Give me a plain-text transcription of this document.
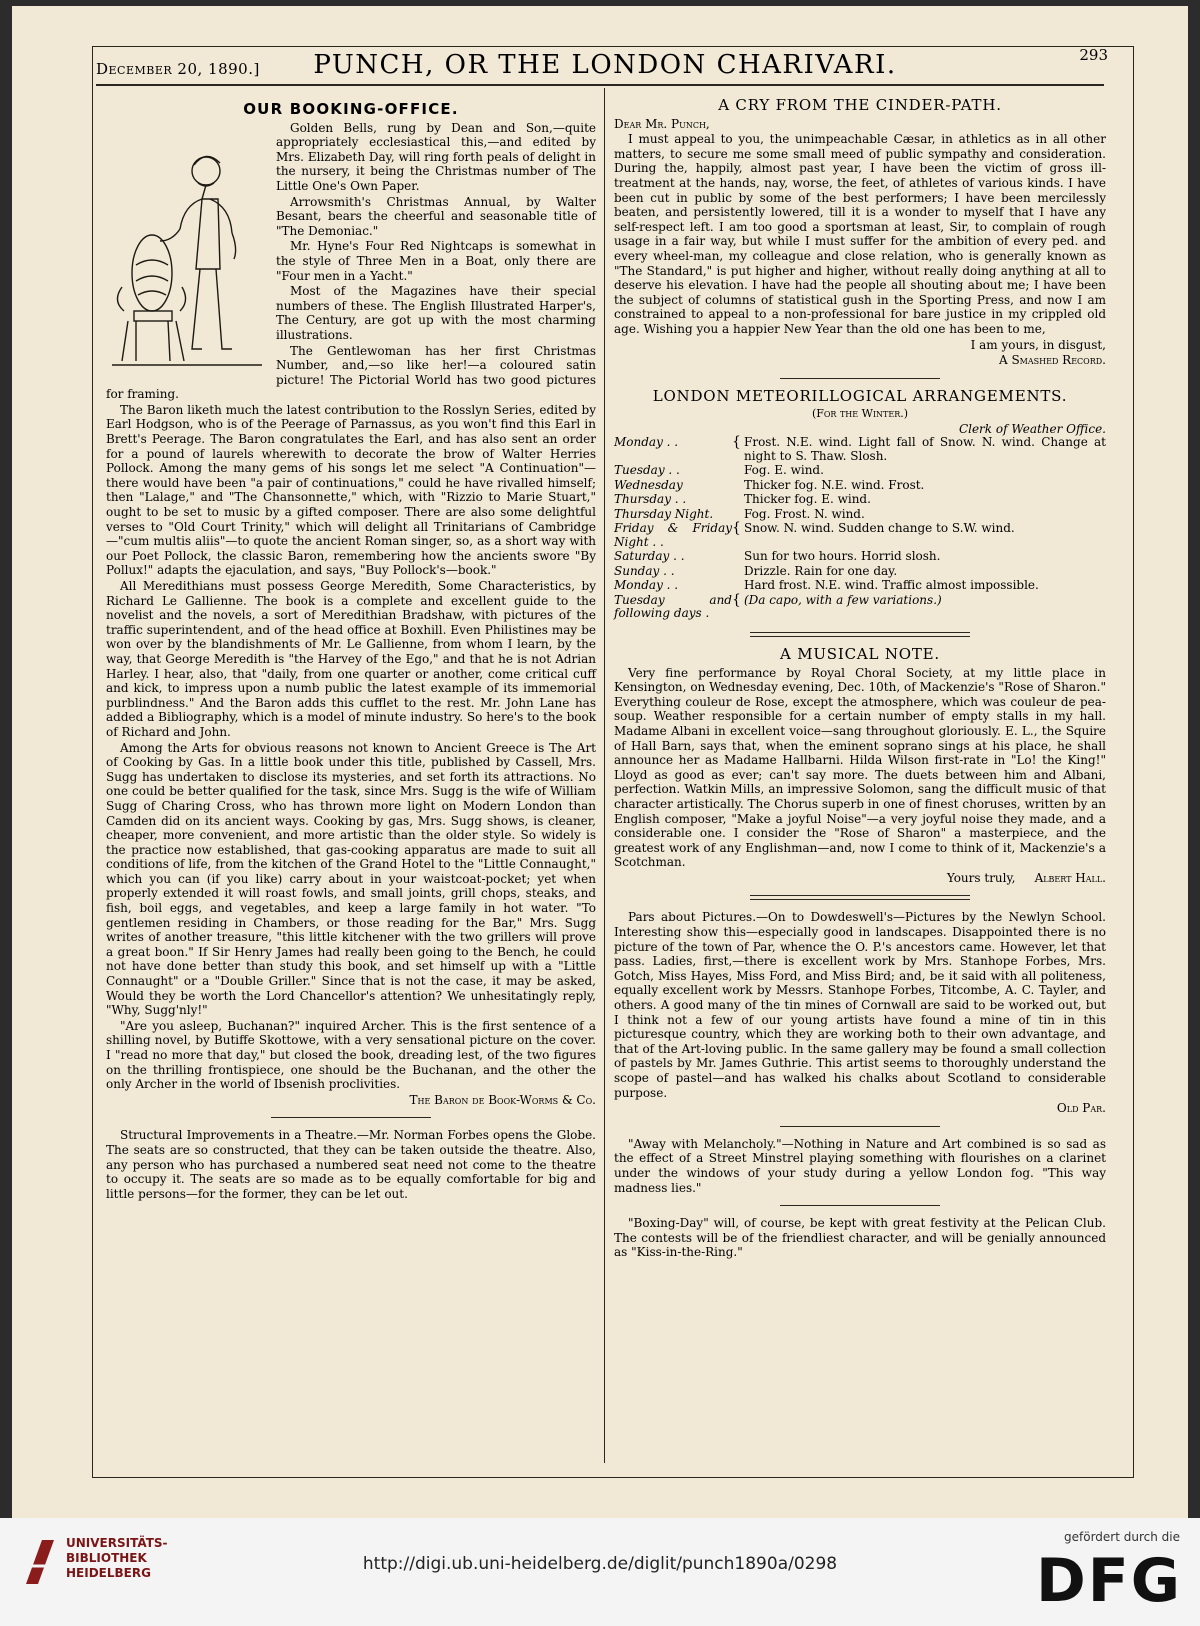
December 20, 1890.]	PUNCH, OR THE LONDON CHARIVARI.	293
OUR BOOKING-OFFICE.

Golden Bells, rung by Dean and Son,—quite appropriately ecclesiastical this,—and edited by Mrs. Elizabeth Day, will ring forth peals of delight in the nursery, it being the Christmas number of The Little One's Own Paper.

Arrowsmith's Christmas Annual, by Walter Besant, bears the cheerful and seasonable title of "The Demoniac."

Mr. Hyne's Four Red Nightcaps is somewhat in the style of Three Men in a Boat, only there are "Four men in a Yacht."

Most of the Magazines have their special numbers of these. The English Illustrated Harper's, The Century, are got up with the most charming illustrations.

The Gentlewoman has her first Christmas Number, and,—so like her!—a coloured satin picture! The Pictorial World has two good pictures for framing.

The Baron liketh much the latest contribution to the Rosslyn Series, edited by Earl Hodgson, who is of the Peerage of Parnassus, as you won't find this Earl in Brett's Peerage. The Baron congratulates the Earl, and has also sent an order for a pound of laurels wherewith to decorate the brow of Walter Herries Pollock. Among the many gems of his songs let me select "A Continuation"—there would have been "a pair of continuations," could he have rivalled himself; then "Lalage," and "The Chansonnette," which, with "Rizzio to Marie Stuart," ought to be set to music by a gifted composer. There are also some delightful verses to "Old Court Trinity," which will delight all Trinitarians of Cambridge—"cum multis aliis"—to quote the ancient Roman singer, so, as a short way with our Poet Pollock, the classic Baron, remembering how the ancients swore "By Pollux!" adapts the ejaculation, and says, "Buy Pollock's—book."

All Meredithians must possess George Meredith, Some Characteristics, by Richard Le Gallienne. The book is a complete and excellent guide to the novelist and the novels, a sort of Meredithian Bradshaw, with pictures of the traffic superintendent, and of the head office at Boxhill. Even Philistines may be won over by the blandishments of Mr. Le Gallienne, from whom I learn, by the way, that George Meredith is "the Harvey of the Ego," and that he is not Adrian Harley. I hear, also, that "daily, from one quarter or another, come critical cuff and kick, to impress upon a numb public the latest example of its immemorial purblindness." And the Baron adds this cufflet to the rest. Mr. John Lane has added a Bibliography, which is a model of minute industry. So here's to the book of Richard and John.

Among the Arts for obvious reasons not known to Ancient Greece is The Art of Cooking by Gas. In a little book under this title, published by Cassell, Mrs. Sugg has undertaken to disclose its mysteries, and set forth its attractions. No one could be better qualified for the task, since Mrs. Sugg is the wife of William Sugg of Charing Cross, who has thrown more light on Modern London than Camden did on its ancient ways. Cooking by gas, Mrs. Sugg shows, is cleaner, cheaper, more convenient, and more artistic than the older style. So widely is the practice now established, that gas-cooking apparatus are made to suit all conditions of life, from the kitchen of the Grand Hotel to the "Little Connaught," which you can (if you like) carry about in your waistcoat-pocket; yet when properly extended it will roast fowls, and small joints, grill chops, steaks, and fish, boil eggs, and vegetables, and keep a large family in hot water. "To gentlemen residing in Chambers, or those reading for the Bar," Mrs. Sugg writes of another treasure, "this little kitchener with the two grillers will prove a great boon." If Sir Henry James had really been going to the Bench, he could not have done better than study this book, and set himself up with a "Little Connaught" or a "Double Griller." Since that is not the case, it may be asked, Would they be worth the Lord Chancellor's attention? We unhesitatingly reply, "Why, Sugg'nly!"

"Are you asleep, Buchanan?" inquired Archer. This is the first sentence of a shilling novel, by Butiffe Skottowe, with a very sensational picture on the cover. I "read no more that day," but closed the book, dreading lest, of the two figures on the thrilling frontispiece, one should be the Buchanan, and the other the only Archer in the world of Ibsenish proclivities.

The Baron de Book-Worms & Co.

Structural Improvements in a Theatre.—Mr. Norman Forbes opens the Globe. The seats are so constructed, that they can be taken outside the theatre. Also, any person who has purchased a numbered seat need not come to the theatre to occupy it. The seats are so made as to be equally comfortable for big and little persons—for the former, they can be let out.

A CRY FROM THE CINDER-PATH.

Dear Mr. Punch,

I must appeal to you, the unimpeachable Cæsar, in athletics as in all other matters, to secure me some small meed of public sympathy and consideration. During the, happily, almost past year, I have been the victim of gross ill-treatment at the hands, nay, worse, the feet, of athletes of various kinds. I have been cut in public by some of the best performers; I have been mercilessly beaten, and persistently lowered, till it is a wonder to myself that I have any self-respect left. I am too good a sportsman at least, Sir, to complain of rough usage in a fair way, but while I must suffer for the ambition of every ped. and every wheel-man, my colleague and close relation, who is generally known as "The Standard," is put higher and higher, without really doing anything at all to deserve his elevation. I have had the people all shouting about me; I have been the subject of columns of statistical gush in the Sporting Press, and now I am constrained to appeal to a non-professional for bare justice in my crippled old age. Wishing you a happier New Year than the old one has been to me,

I am yours, in disgust,

A Smashed Record.

LONDON METEORILLOGICAL ARRANGEMENTS.
(For the Winter.)
Clerk of Weather Office.
Monday . .	{	Frost. N.E. wind. Light fall of Snow. N. wind. Change at night to S. Thaw. Slosh.
Tuesday . .		Fog. E. wind.
Wednesday		Thicker fog. N.E. wind. Frost.
Thursday . .		Thicker fog. E. wind.
Thursday Night.		Fog. Frost. N. wind.
Friday & Friday Night . .	{	Snow. N. wind. Sudden change to S.W. wind.
Saturday . .		Sun for two hours. Horrid slosh.
Sunday . .		Drizzle. Rain for one day.
Monday . .		Hard frost. N.E. wind. Traffic almost impossible.
Tuesday and following days .	{	(Da capo, with a few variations.)
A MUSICAL NOTE.

Very fine performance by Royal Choral Society, at my little place in Kensington, on Wednesday evening, Dec. 10th, of Mackenzie's "Rose of Sharon." Everything couleur de Rose, except the atmosphere, which was couleur de pea-soup. Weather responsible for a certain number of empty stalls in my hall. Madame Albani in excellent voice—sang throughout gloriously. E. L., the Squire of Hall Barn, says that, when the eminent soprano sings at his place, he shall announce her as Madame Hallbarni. Hilda Wilson first-rate in "Lo! the King!" Lloyd as good as ever; can't say more. The duets between him and Albani, perfection. Watkin Mills, an impressive Solomon, sang the difficult music of that character artistically. The Chorus superb in one of finest choruses, written by an English composer, "Make a joyful Noise"—a very joyful noise they made, and a considerable one. I consider the "Rose of Sharon" a masterpiece, and the greatest work of any Englishman—and, now I come to think of it, Mackenzie's a Scotchman.

Yours truly, Albert Hall.

Pars about Pictures.—On to Dowdeswell's—Pictures by the Newlyn School. Interesting show this—especially good in landscapes. Disappointed there is no picture of the town of Par, whence the O. P.'s ancestors came. However, let that pass. Ladies, first,—there is excellent work by Mrs. Stanhope Forbes, Mrs. Gotch, Miss Hayes, Miss Ford, and Miss Bird; and, be it said with all politeness, equally excellent work by Messrs. Stanhope Forbes, Titcombe, A. C. Tayler, and others. A good many of the tin mines of Cornwall are said to be worked out, but I think not a few of our young artists have found a mine of tin in this picturesque country, which they are working both to their own advantage, and that of the Art-loving public. In the same gallery may be found a small collection of pastels by Mr. James Guthrie. This artist seems to thoroughly understand the scope of pastel—and has walked his chalks about Scotland to considerable purpose.

Old Par.

"Away with Melancholy."—Nothing in Nature and Art combined is so sad as the effect of a Street Minstrel playing something with flourishes on a clarinet under the windows of your study during a yellow London fog. "This way madness lies."

"Boxing-Day" will, of course, be kept with great festivity at the Pelican Club. The contests will be of the friendliest character, and will be genially announced as "Kiss-in-the-Ring."

UNIVERSITÄTS-
BIBLIOTHEK
HEIDELBERG	http://digi.ub.uni-heidelberg.de/diglit/punch1890a/0298
gefördert durch die
DFG
